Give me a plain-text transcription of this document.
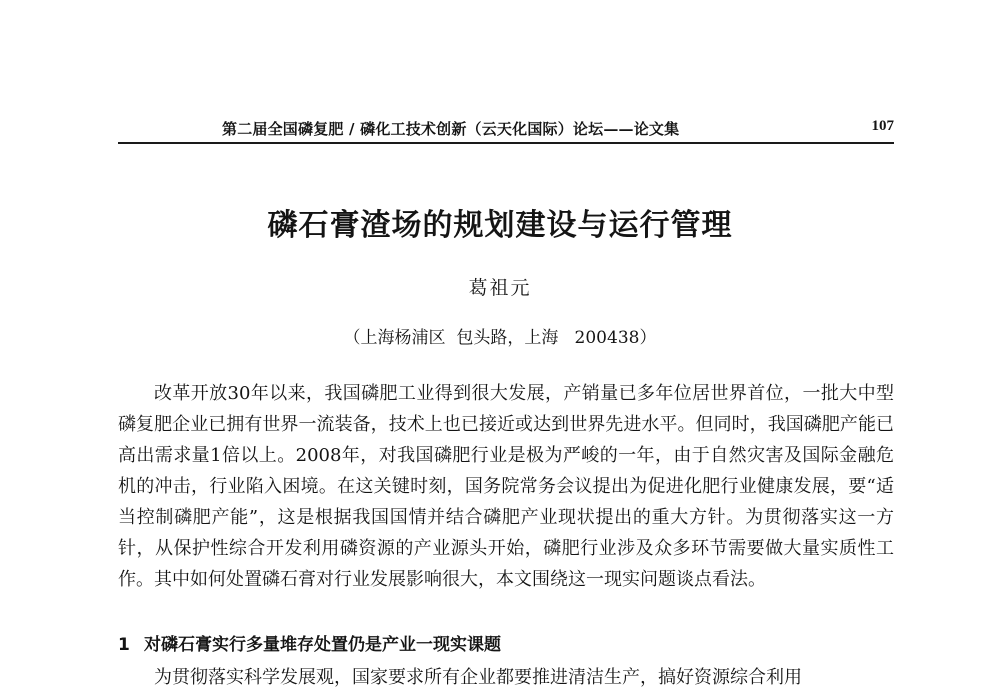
第二届全国磷复肥 / 磷化工技术创新（云天化国际）论坛——论文集	107
磷石膏渣场的规划建设与运行管理
葛祖元
（上海杨浦区  包头路，上海   200438）

改革开放30年以来，我国磷肥工业得到很大发展，产销量已多年位居世界首位，一批大中型磷复肥企业已拥有世界一流装备，技术上也已接近或达到世界先进水平。但同时，我国磷肥产能已高出需求量1倍以上。2008年，对我国磷肥行业是极为严峻的一年，由于自然灾害及国际金融危机的冲击，行业陷入困境。在这关键时刻，国务院常务会议提出为促进化肥行业健康发展，要“适当控制磷肥产能”，这是根据我国国情并结合磷肥产业现状提出的重大方针。为贯彻落实这一方针，从保护性综合开发利用磷资源的产业源头开始，磷肥行业涉及众多环节需要做大量实质性工作。其中如何处置磷石膏对行业发展影响很大，本文围绕这一现实问题谈点看法。

1 对磷石膏实行多量堆存处置仍是产业一现实课题

为贯彻落实科学发展观，国家要求所有企业都要推进清洁生产，搞好资源综合利用
